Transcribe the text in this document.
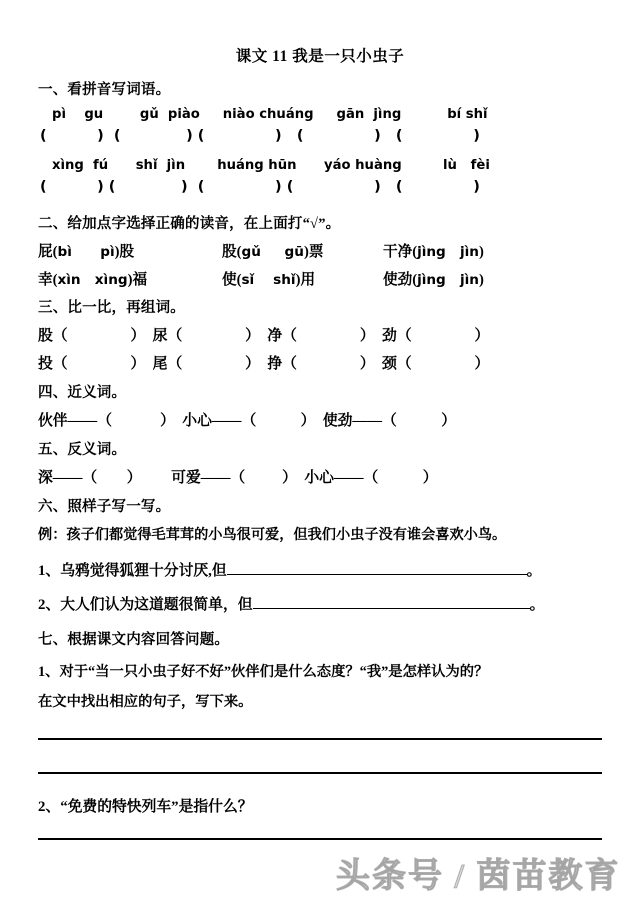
课文 11 我是一只小虫子
一、看拼音写词语。
pì    gu        gǔ  piào     niào chuáng     gān  jìng          bí shǐ
(          )  (             ) (              )   (              )   (              )
xìng  fú      shǐ  jìn       huáng hūn      yáo huàng         lù   fèi
(          ) (             )  (              ) (                )   (              )
二、给加点字选择正确的读音，在上面打“√”。
屁(bì      pì)股	股(gǔ     gū)票	干净(jìng   jìn)
幸(xìn   xìng)福	使(sǐ    shǐ)用	使劲(jìng   jìn)
三、比一比，再组词。
股（                 ）  尿（                 ）  净（                 ）  劲（                 ）
投（                 ）  尾（                 ）  挣（                 ）  颈（                 ）
四、近义词。
伙伴——（             ）  小心——（            ）  使劲——（            ）
五、反义词。
深——（        ）        可爱——（          ）  小心——（            ）
六、照样子写一写。
例：孩子们都觉得毛茸茸的小鸟很可爱，但我们小虫子没有谁会喜欢小鸟。
1、乌鸦觉得狐狸十分讨厌,但	。
2、大人们认为这道题很简单，但	。
七、根据课文内容回答问题。
1、对于“当一只小虫子好不好”伙伴们是什么态度？“我”是怎样认为的？
在文中找出相应的句子，写下来。
2、“免费的特快列车”是指什么？
头条号 / 茵苗教育
